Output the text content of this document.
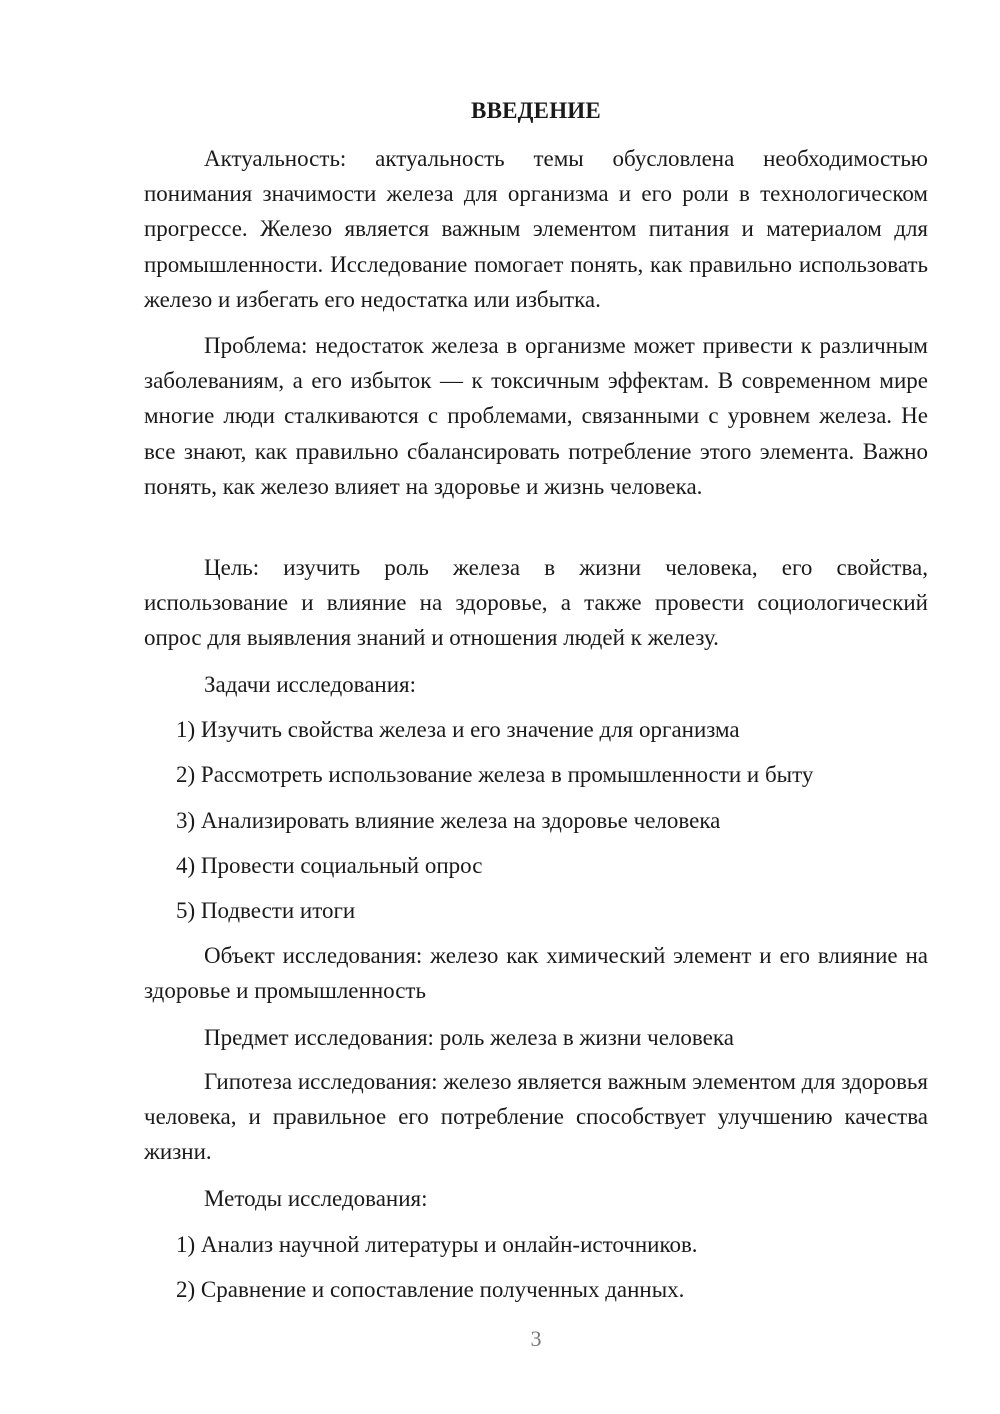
ВВЕДЕНИЕ

Актуальность: актуальность темы обусловлена необходимостью понимания значимости железа для организма и его роли в технологическом прогрессе. Железо является важным элементом питания и материалом для промышленности. Исследование помогает понять, как правильно использовать железо и избегать его недостатка или избытка.

Проблема: недостаток железа в организме может привести к различным заболеваниям, а его избыток — к токсичным эффектам. В современном мире многие люди сталкиваются с проблемами, связанными с уровнем железа. Не все знают, как правильно сбалансировать потребление этого элемента. Важно понять, как железо влияет на здоровье и жизнь человека.

Цель: изучить роль железа в жизни человека, его свойства, использование и влияние на здоровье, а также провести социологический опрос для выявления знаний и отношения людей к железу.

Задачи исследования:

1) Изучить свойства железа и его значение для организма

2) Рассмотреть использование железа в промышленности и быту

3) Анализировать влияние железа на здоровье человека

4) Провести социальный опрос

5) Подвести итоги

Объект исследования: железо как химический элемент и его влияние на здоровье и промышленность

Предмет исследования: роль железа в жизни человека

Гипотеза исследования: железо является важным элементом для здоровья человека, и правильное его потребление способствует улучшению качества жизни.

Методы исследования:

1) Анализ научной литературы и онлайн-источников.

2) Сравнение и сопоставление полученных данных.

3
